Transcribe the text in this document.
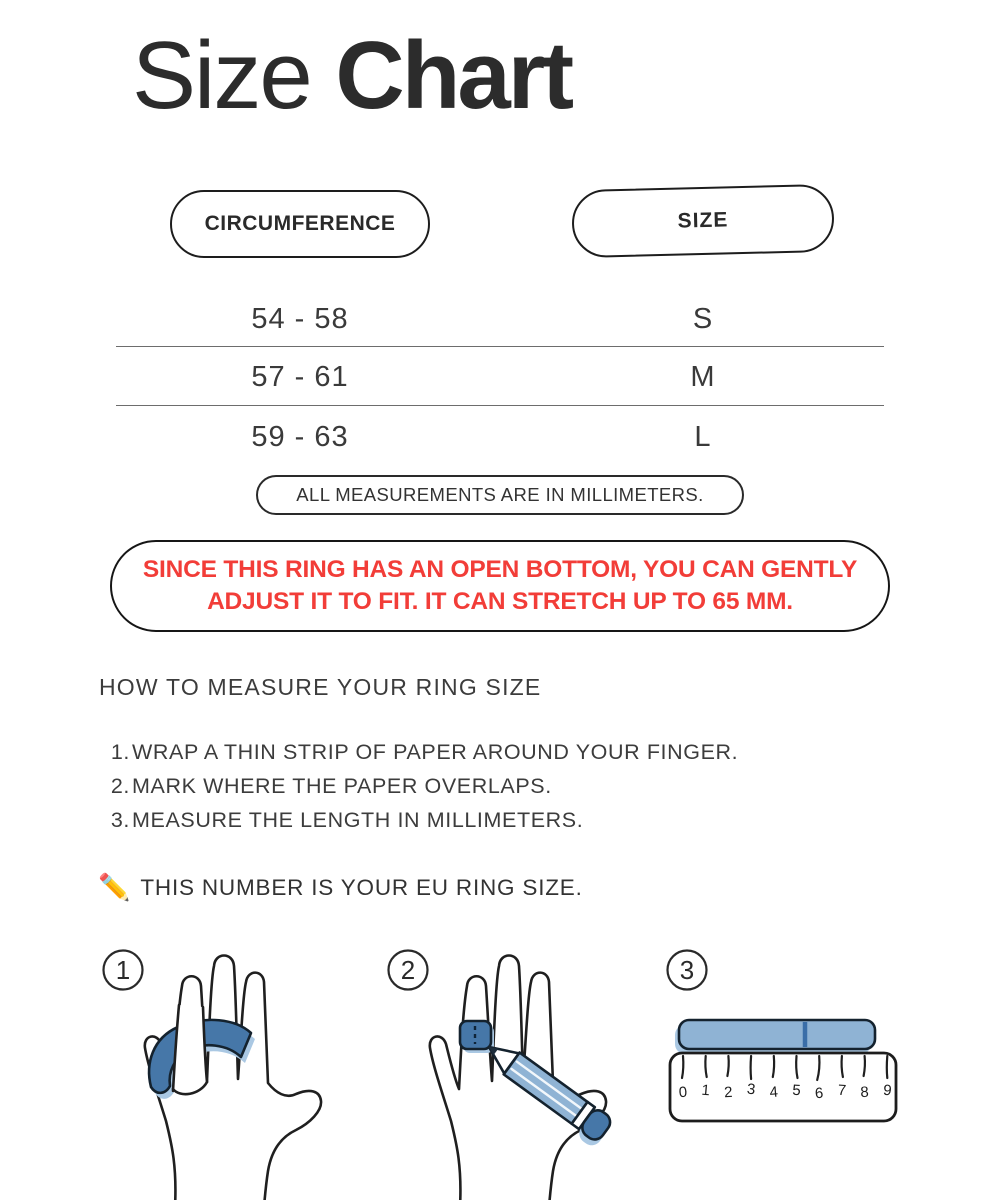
Size Chart
CIRCUMFERENCE	SIZE
54 - 58	S
57 - 61	M
59 - 63	L
ALL MEASUREMENTS ARE IN MILLIMETERS.
SINCE THIS RING HAS AN OPEN BOTTOM, YOU CAN GENTLY
ADJUST IT TO FIT. IT CAN STRETCH UP TO 65 MM.
HOW TO MEASURE YOUR RING SIZE
1. WRAP A THIN STRIP OF PAPER AROUND YOUR FINGER.
2. MARK WHERE THE PAPER OVERLAPS.
3. MEASURE THE LENGTH IN MILLIMETERS.
✏️ THIS NUMBER IS YOUR EU RING SIZE.
1	2	3
0 1 2 3 4 5 6 7 8 9
